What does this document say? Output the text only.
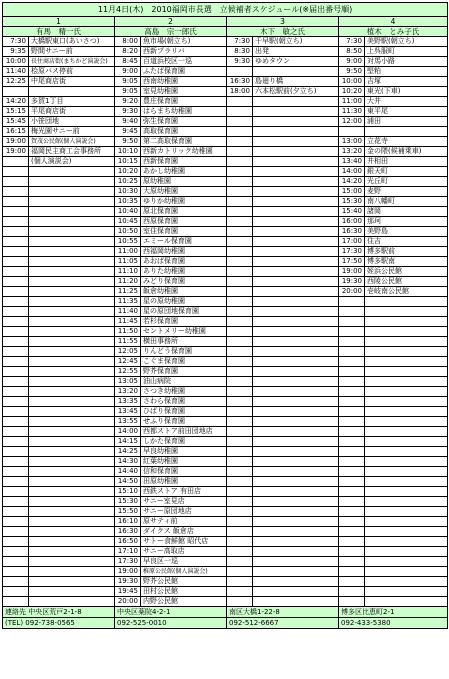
11月4日(木)　2010福岡市長選　立候補者スケジュール(※届出番号順)							
1		2		3		4	
有馬　精一氏		高島　宗一郎氏		木下　敏之氏		植木　とみ子氏	
7:30	大橋駅東口(あいさつ)	8:00	魚市場(朝立ち)	7:30	千早駅(朝立ち)	7:30	美野駅(朝立ち)
9:35	野間サニー前	8:20	西新プラリバ	8:30	出発	8:50	上呉服町
10:00	長住商店街(まちかど演説会)	8:45	百道浜校区一巡	9:30	ゆめタウン	9:00	対馬小路
11:40	桧原バス停前	9:00	ふたば保育園			9:50	堅粕
12:25	中尾商店街	9:05	西南幼稚園	16:30	島廻り橋	10:00	吉塚
		9:05	室見幼稚園	18:00	六本松駅前(夕立ち)	10:20	東光(下車)
14:20	多賀1丁目	9:20	豊庄保育園			11:00	大井
15:15	平尾商店街	9:30	はらまち幼稚園			11:30	東平尾
15:45	小笹団地	9:40	弥生保育園			12:00	浦田
16:15	梅光園サニー前	9:45	高取保育園				
19:00	賀茂公民館(個人演説会)	9:50	第二高取保育園			13:00	立花寺
19:00	福岡民主商工会事務所	10:10	西新カトリック幼稚園			13:20	金の隈(候補乗車)
	(個人演説会)	10:15	西新保育園			13:40	井相田
		10:20	あかし幼稚園			14:00	銀天町
		10:25	原幼稚園			14:20	光丘町
		10:30	大原幼稚園			15:00	麦野
		10:35	ゆりか幼稚園			15:30	南八幡町
		10:40	原北保育園			15:40	諸岡
		10:45	西原保育園			16:00	那珂
		10:50	室住保育園			16:30	美野島
		10:55	エミール保育園			17:00	住吉
		11:00	西福岡幼稚園			17:30	博多駅前
		11:05	あおば保育園			17:50	博多駅南
		11:10	ありた幼稚園			19:00	姪浜公民館
		11:20	みどり保育園			19:30	西陵公民館
		11:25	飯倉幼稚園			20:00	壱岐南公民館
		11:35	星の原幼稚園				
		11:40	星の原団地保育園				
		11:45	若杉保育園				
		11:50	セントメリー幼稚園				
		11:55	横田事務所				
		12:05	りんどう保育園				
		12:45	こぐま保育園				
		12:55	野芥保育園				
		13:05	油山病院				
		13:20	さつき幼稚園				
		13:35	さわら保育園				
		13:45	ひばり保育園				
		13:55	せふり保育園				
		14:00	西都ストア前田団地店				
		14:15	しかた保育園				
		14:25	早良幼稚園				
		14:30	紅葉幼稚園				
		14:40	信和保育園				
		14:50	田原幼稚園				
		15:10	西鉄ストア 有田店				
		15:30	サニー室見店				
		15:50	サニー原団地店				
		16:10	原サティ前				
		16:30	ダイクス 飯倉店				
		16:50	サトー食鮮館 昭代店				
		17:10	サニー高取店				
		17:30	早良区一巡				
		19:00	椎原公民館(個人演説会)				
		19:30	野芥公民館				
		19:45	田村公民館				
		20:00	内野公民館				
連絡先 中央区荒戸2-1-8		中央区薬院4-2-1		南区大橋1-22-8		博多区比恵町2-1	
(TEL) 092-738-0565		092-525-0010		092-512-6667		092-433-5380	
